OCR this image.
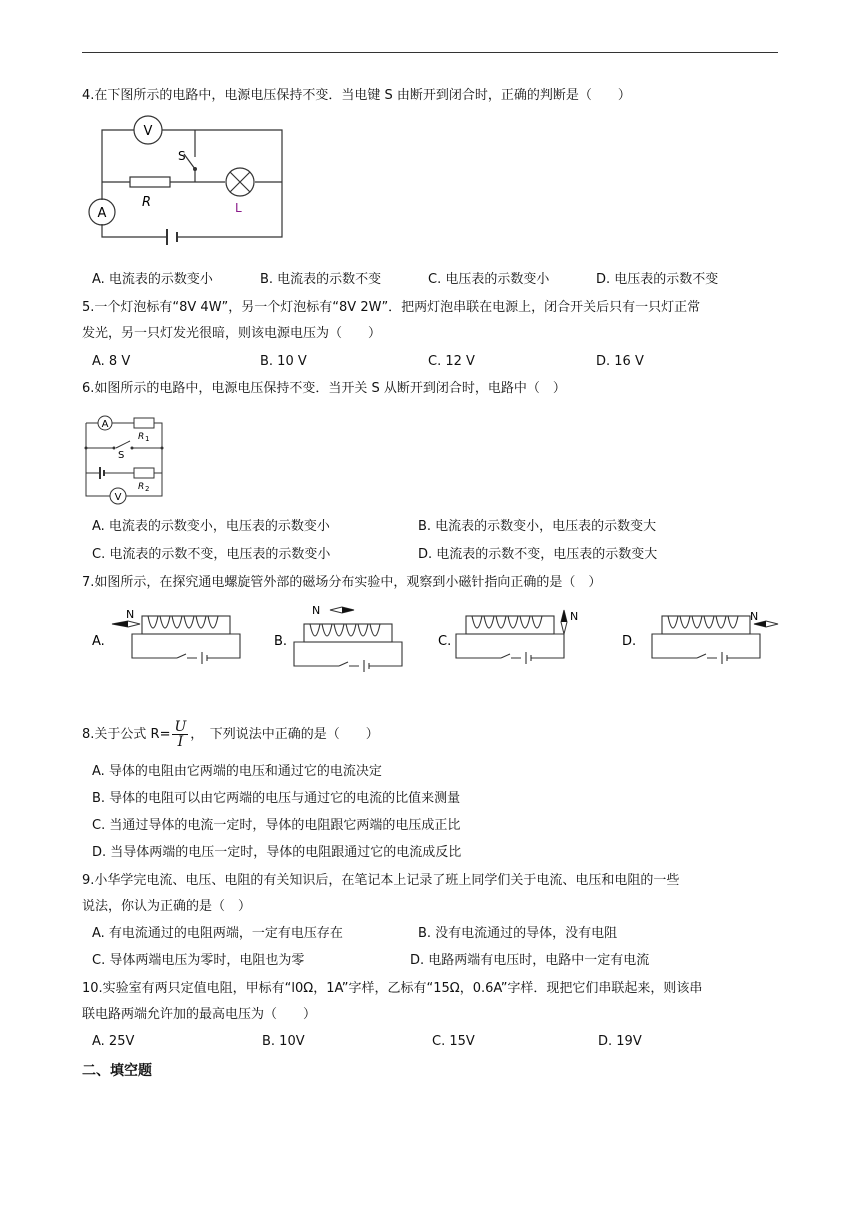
4.在下图所示的电路中，电源电压保持不变．当电键 S 由断开到闭合时，正确的判断是（　　）
V
A
S
R	L
A. 电流表的示数变小	B. 电流表的示数不变	C. 电压表的示数变小	D. 电压表的示数不变
5.一个灯泡标有“8V 4W”，另一个灯泡标有“8V 2W”．把两灯泡串联在电源上，闭合开关后只有一只灯正常
发光，另一只灯发光很暗，则该电源电压为（　　）
A. 8 V	B. 10 V	C. 12 V	D. 16 V
6.如图所示的电路中，电源电压保持不变．当开关 S 从断开到闭合时，电路中（　）
A
V
S
R 1
R 2
A. 电流表的示数变小，电压表的示数变小	B. 电流表的示数变小，电压表的示数变大
C. 电流表的示数不变，电压表的示数变小	D. 电流表的示数不变，电压表的示数变大
7.如图所示，在探究通电螺旋管外部的磁场分布实验中，观察到小磁针指向正确的是（　）
N	N	N	N
A.	B.	C.	D.
8.关于公式 $R= \frac{U}{I}$ ，　下列说法中正确的是（　　）
A. 导体的电阻由它两端的电压和通过它的电流决定
B. 导体的电阻可以由它两端的电压与通过它的电流的比值来测量
C. 当通过导体的电流一定时，导体的电阻跟它两端的电压成正比
D. 当导体两端的电压一定时，导体的电阻跟通过它的电流成反比
9.小华学完电流、电压、电阻的有关知识后，在笔记本上记录了班上同学们关于电流、电压和电阻的一些
说法，你认为正确的是（　）
A. 有电流通过的电阻两端，一定有电压存在	B. 没有电流通过的导体，没有电阻
C. 导体两端电压为零时，电阻也为零	D. 电路两端有电压时，电路中一定有电流
10.实验室有两只定值电阻，甲标有“l0Ω，1A”字样，乙标有“15Ω，0.6A”字样．现把它们串联起来，则该串
联电路两端允许加的最高电压为（　　）
A. 25V	B. 10V	C. 15V	D. 19V
二、填空题
